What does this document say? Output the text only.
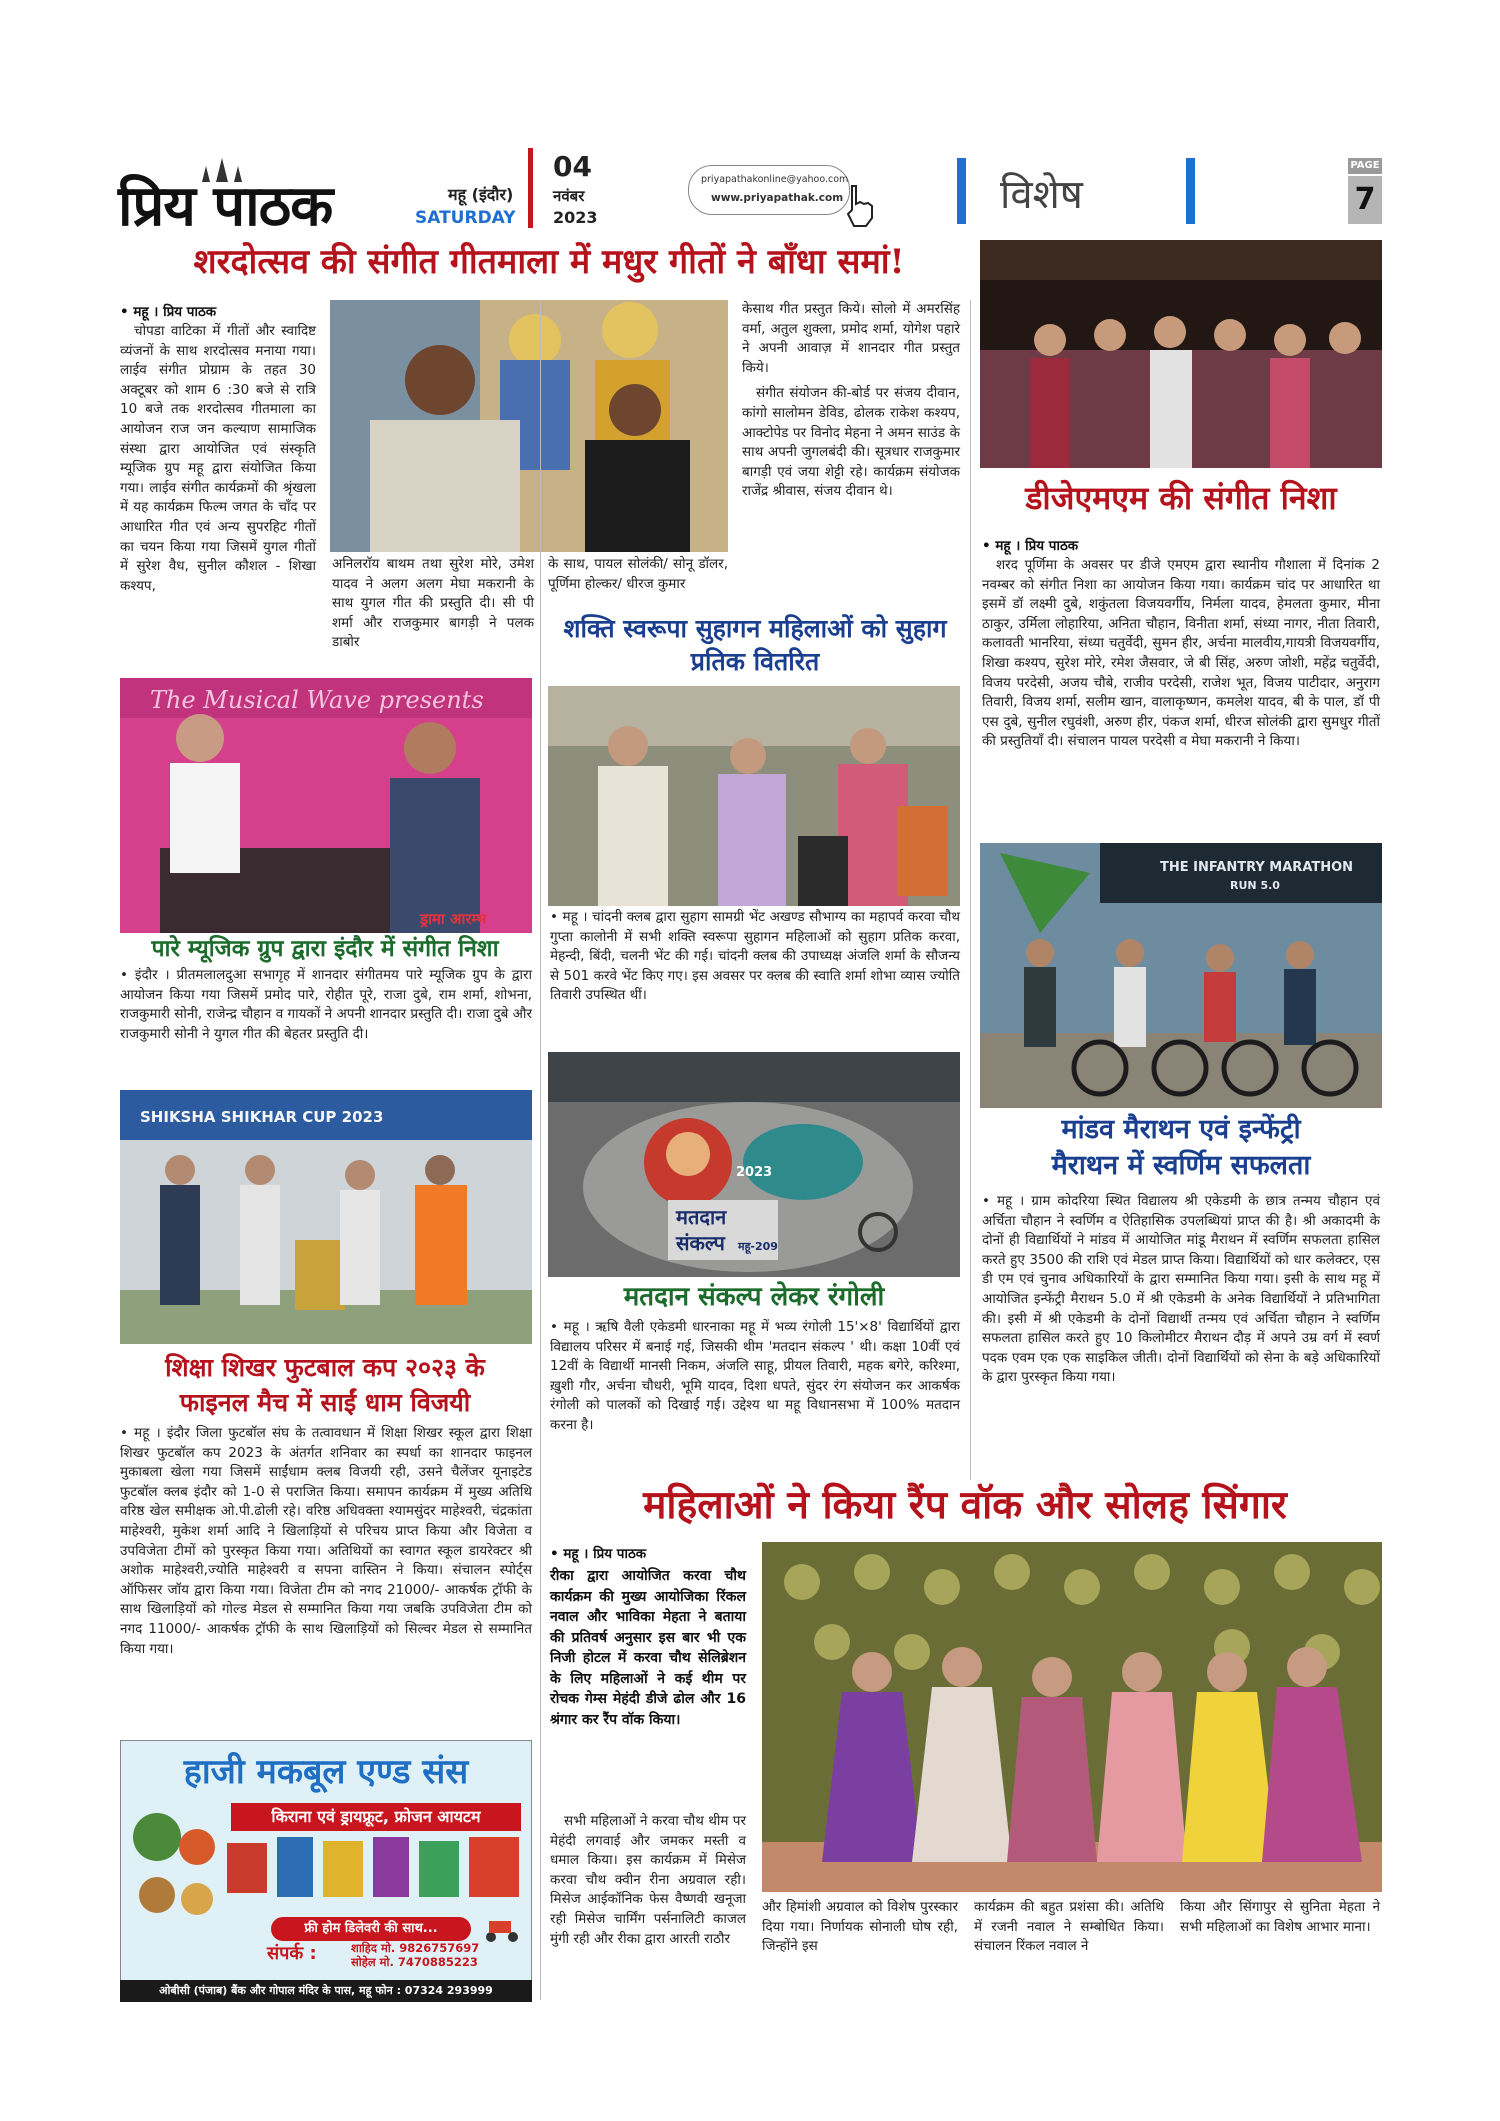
प्रिय पाठक	महू (इंदौर)
SATURDAY
04
नवंबर
2023
priyapathakonline@yahoo.com
www.priyapathak.com	विशेष
PAGE
7
शरदोत्सव की संगीत गीतमाला में मधुर गीतों ने बाँधा समां!
• महू । प्रिय पाठक

चोपडा वाटिका में गीतों और स्वादिष्ट व्यंजनों के साथ शरदोत्सव मनाया गया। लाईव संगीत प्रोग्राम के तहत 30 अक्टूबर को शाम 6 :30 बजे से रात्रि 10 बजे तक शरदोत्सव गीतमाला का आयोजन राज जन कल्याण सामाजिक संस्था द्वारा आयोजित एवं संस्कृति म्यूजिक ग्रुप महू द्वारा संयोजित किया गया। लाईव संगीत कार्यक्रमों की श्रृंखला में यह कार्यक्रम फिल्म जगत के चाँद पर आधारित गीत एवं अन्य सुपरहिट गीतों का चयन किया गया जिसमें युगल गीतों में सुरेश वैध, सुनील कौशल - शिखा कश्यप,

अनिलराॅय बाथम तथा सुरेश मोरे, उमेश यादव ने अलग अलग मेघा मकरानी के साथ युगल गीत की प्रस्तुति दी। सी पी शर्मा और राजकुमार बागड़ी ने पलक डाबोर

के साथ, पायल सोलंकी/ सोनू डॉलर, पूर्णिमा होल्कर/ धीरज कुमार

केसाथ गीत प्रस्तुत किये। सोलो में अमरसिंह वर्मा, अतुल शुक्ला, प्रमोद शर्मा, योगेश पहारे ने अपनी आवाज़ में शानदार गीत प्रस्तुत किये।

संगीत संयोजन की-बोर्ड पर संजय दीवान, कांगो सालोमन डेविड, ढोलक राकेश कश्यप, आक्टोपेड पर विनोद मेहना ने अमन साउंड के साथ अपनी जुगलबंदी की। सूत्रधार राजकुमार बागड़ी एवं जया शेट्टी रहे। कार्यक्रम संयोजक राजेंद्र श्रीवास, संजय दीवान थे।	डीजेएमएम की संगीत निशा
• महू । प्रिय पाठक

शरद पूर्णिमा के अवसर पर डीजे एमएम द्वारा स्थानीय गौशाला में दिनांक 2 नवम्बर को संगीत निशा का आयोजन किया गया। कार्यक्रम चांद पर आधारित था इसमें डॉ लक्ष्मी दुबे, शकुंतला विजयवर्गीय, निर्मला यादव, हेमलता कुमार, मीना ठाकुर, उर्मिला लोहारिया, अनिता चौहान, विनीता शर्मा, संध्या नागर, नीता तिवारी, कलावती भानरिया, संध्या चतुर्वेदी, सुमन हीर, अर्चना मालवीय,गायत्री विजयवर्गीय, शिखा कश्यप, सुरेश मोरे, रमेश जैसवार, जे बी सिंह, अरुण जोशी, महेंद्र चतुर्वेदी, विजय परदेसी, अजय चौबे, राजीव परदेसी, राजेश भूत, विजय पाटीदार, अनुराग तिवारी, विजय शर्मा, सलीम खान, वालाकृष्णन, कमलेश यादव, बी के पाल, डॉ पी एस दुबे, सुनील रघुवंशी, अरुण हीर, पंकज शर्मा, धीरज सोलंकी द्वारा सुमधुर गीतों की प्रस्तुतियाँ दी। संचालन पायल परदेसी व मेघा मकरानी ने किया।

शक्ति स्वरूपा सुहागन महिलाओं को सुहाग प्रतिक वितरित

• महू । चांदनी क्लब द्वारा सुहाग सामग्री भेंट अखण्ड सौभाग्य का महापर्व करवा चौथ गुप्ता कालोनी में सभी शक्ति स्वरूपा सुहागन महिलाओं को सुहाग प्रतिक करवा, मेहन्दी, बिंदी, चलनी भेंट की गई। चांदनी क्लब की उपाध्यक्ष अंजलि शर्मा के सौजन्य से 501 करवे भेंट किए गए। इस अवसर पर क्लब की स्वाति शर्मा शोभा व्यास ज्योति तिवारी उपस्थित थीं।

The Musical Wave presents
ड्रामा आरम्भ
पारे म्यूजिक ग्रुप द्वारा इंदौर में संगीत निशा

• इंदौर । प्रीतमलालदुआ सभागृह में शानदार संगीतमय पारे म्यूजिक ग्रुप के द्वारा आयोजन किया गया जिसमें प्रमोद पारे, रोहीत पूरे, राजा दुबे, राम शर्मा, शोभना, राजकुमारी सोनी, राजेन्द्र चौहान व गायकों ने अपनी शानदार प्रस्तुति दी। राजा दुबे और राजकुमारी सोनी ने युगल गीत की बेहतर प्रस्तुति दी।

THE INFANTRY MARATHON
RUN 5.0
मांडव मैराथन एवं इन्फेंट्री
मैराथन में स्वर्णिम सफलता

• महू । ग्राम कोदरिया स्थित विद्यालय श्री एकेडमी के छात्र तन्मय चौहान एवं अर्चिता चौहान ने स्वर्णिम व ऐतिहासिक उपलब्धियां प्राप्त की है। श्री अकादमी के दोनों ही विद्यार्थियों ने मांडव में आयोजित मांडू मैराथन में स्वर्णिम सफलता हासिल करते हुए 3500 की राशि एवं मेडल प्राप्त किया। विद्यार्थियों को धार कलेक्टर, एस डी एम एवं चुनाव अधिकारियों के द्वारा सम्मानित किया गया। इसी के साथ महू में आयोजित इन्फेंट्री मैराथन 5.0 में श्री एकेडमी के अनेक विद्यार्थियों ने प्रतिभागिता की। इसी में श्री एकेडमी के दोनों विद्यार्थी तन्मय एवं अर्चिता चौहान ने स्वर्णिम सफलता हासिल करते हुए 10 किलोमीटर मैराथन दौड़ में अपने उम्र वर्ग में स्वर्ण पदक एवम एक एक साइकिल जीती। दोनों विद्यार्थियों को सेना के बड़े अधिकारियों के द्वारा पुरस्कृत किया गया।

2023
मतदान
संकल्प महू-209
मतदान संकल्प लेकर रंगोली

• महू । ऋषि वैली एकेडमी धारनाका महू में भव्य रंगोली 15'×8' विद्यार्थियों द्वारा विद्यालय परिसर में बनाई गई, जिसकी थीम 'मतदान संकल्प ' थी। कक्षा 10वीं एवं 12वीं के विद्यार्थी मानसी निकम, अंजलि साहू, प्रीयल तिवारी, महक बगेरे, करिश्मा, ख़ुशी गौर, अर्चना चौधरी, भूमि यादव, दिशा धपते, सुंदर रंग संयोजन कर आकर्षक रंगोली को पालकों को दिखाई गई। उद्देश्य था महू विधानसभा में 100% मतदान करना है।

SHIKSHA SHIKHAR CUP 2023
शिक्षा शिखर फुटबाल कप २०२३ के
फाइनल मैच में साईं धाम विजयी

• महू । इंदौर जिला फुटबॉल संघ के तत्वावधान में शिक्षा शिखर स्कूल द्वारा शिक्षा शिखर फुटबॉल कप 2023 के अंतर्गत शनिवार का स्पर्धा का शानदार फाइनल मुकाबला खेला गया जिसमें साईंधाम क्लब विजयी रही, उसने चैलेंजर यूनाइटेड फुटबॉल क्लब इंदौर को 1-0 से पराजित किया। समापन कार्यक्रम में मुख्य अतिथि वरिष्ठ खेल समीक्षक ओ.पी.ढोली रहे। वरिष्ठ अधिवक्ता श्यामसुंदर माहेश्वरी, चंद्रकांता माहेश्वरी, मुकेश शर्मा आदि ने खिलाड़ियों से परिचय प्राप्त किया और विजेता व उपविजेता टीमों को पुरस्कृत किया गया। अतिथियों का स्वागत स्कूल डायरेक्टर श्री अशोक माहेश्वरी,ज्योति माहेश्वरी व सपना वास्तिन ने किया। संचालन स्पोर्ट्स ऑफिसर जॉय द्वारा किया गया। विजेता टीम को नगद 21000/- आकर्षक ट्रॉफी के साथ खिलाड़ियों को गोल्ड मेडल से सम्मानित किया गया जबकि उपविजेता टीम को नगद 11000/- आकर्षक ट्रॉफी के साथ खिलाड़ियों को सिल्वर मेडल से सम्मानित किया गया।

महिलाओं ने किया रैंप वॉक और सोलह सिंगार
• महू । प्रिय पाठक
रीका द्वारा आयोजित करवा चौथ कार्यक्रम की मुख्य आयोजिका रिंकल नवाल और भाविका मेहता ने बताया की प्रतिवर्ष अनुसार इस बार भी एक निजी होटल में करवा चौथ सेलिब्रेशन के लिए महिलाओं ने कई थीम पर रोचक गेम्स मेहंदी डीजे ढोल और 16 श्रंगार कर रैंप वॉक किया।

सभी महिलाओं ने करवा चौथ थीम पर मेहंदी लगवाई और जमकर मस्ती व धमाल किया। इस कार्यक्रम में मिसेज करवा चौथ क्वीन रीना अग्रवाल रही। मिसेज आईकॉनिक फेस वैष्णवी खनूजा रही मिसेज चार्मिंग पर्सनालिटी काजल मुंगी रही और रीका द्वारा आरती राठौर

और हिमांशी अग्रवाल को विशेष पुरस्कार दिया गया। निर्णायक सोनाली घोष रही, जिन्होंने इस

कार्यक्रम की बहुत प्रशंसा की। अतिथि में रजनी नवाल ने सम्बोधित किया। संचालन रिंकल नवाल ने

किया और सिंगापुर से सुनिता मेहता ने सभी महिलाओं का विशेष आभार माना।

हाजी मकबूल एण्ड संस
किराना एवं ड्रायफ्रूट, फ्रोजन आयटम
फ्री होम डिलेवरी की सा‌थ...
संपर्क :	शाहिद मो. 9826757697
सोहेल मो. 7470885223
ओबीसी (पंजाब) बैंक और गोपाल मंदिर के पास, महू फोन : 07324 293999
